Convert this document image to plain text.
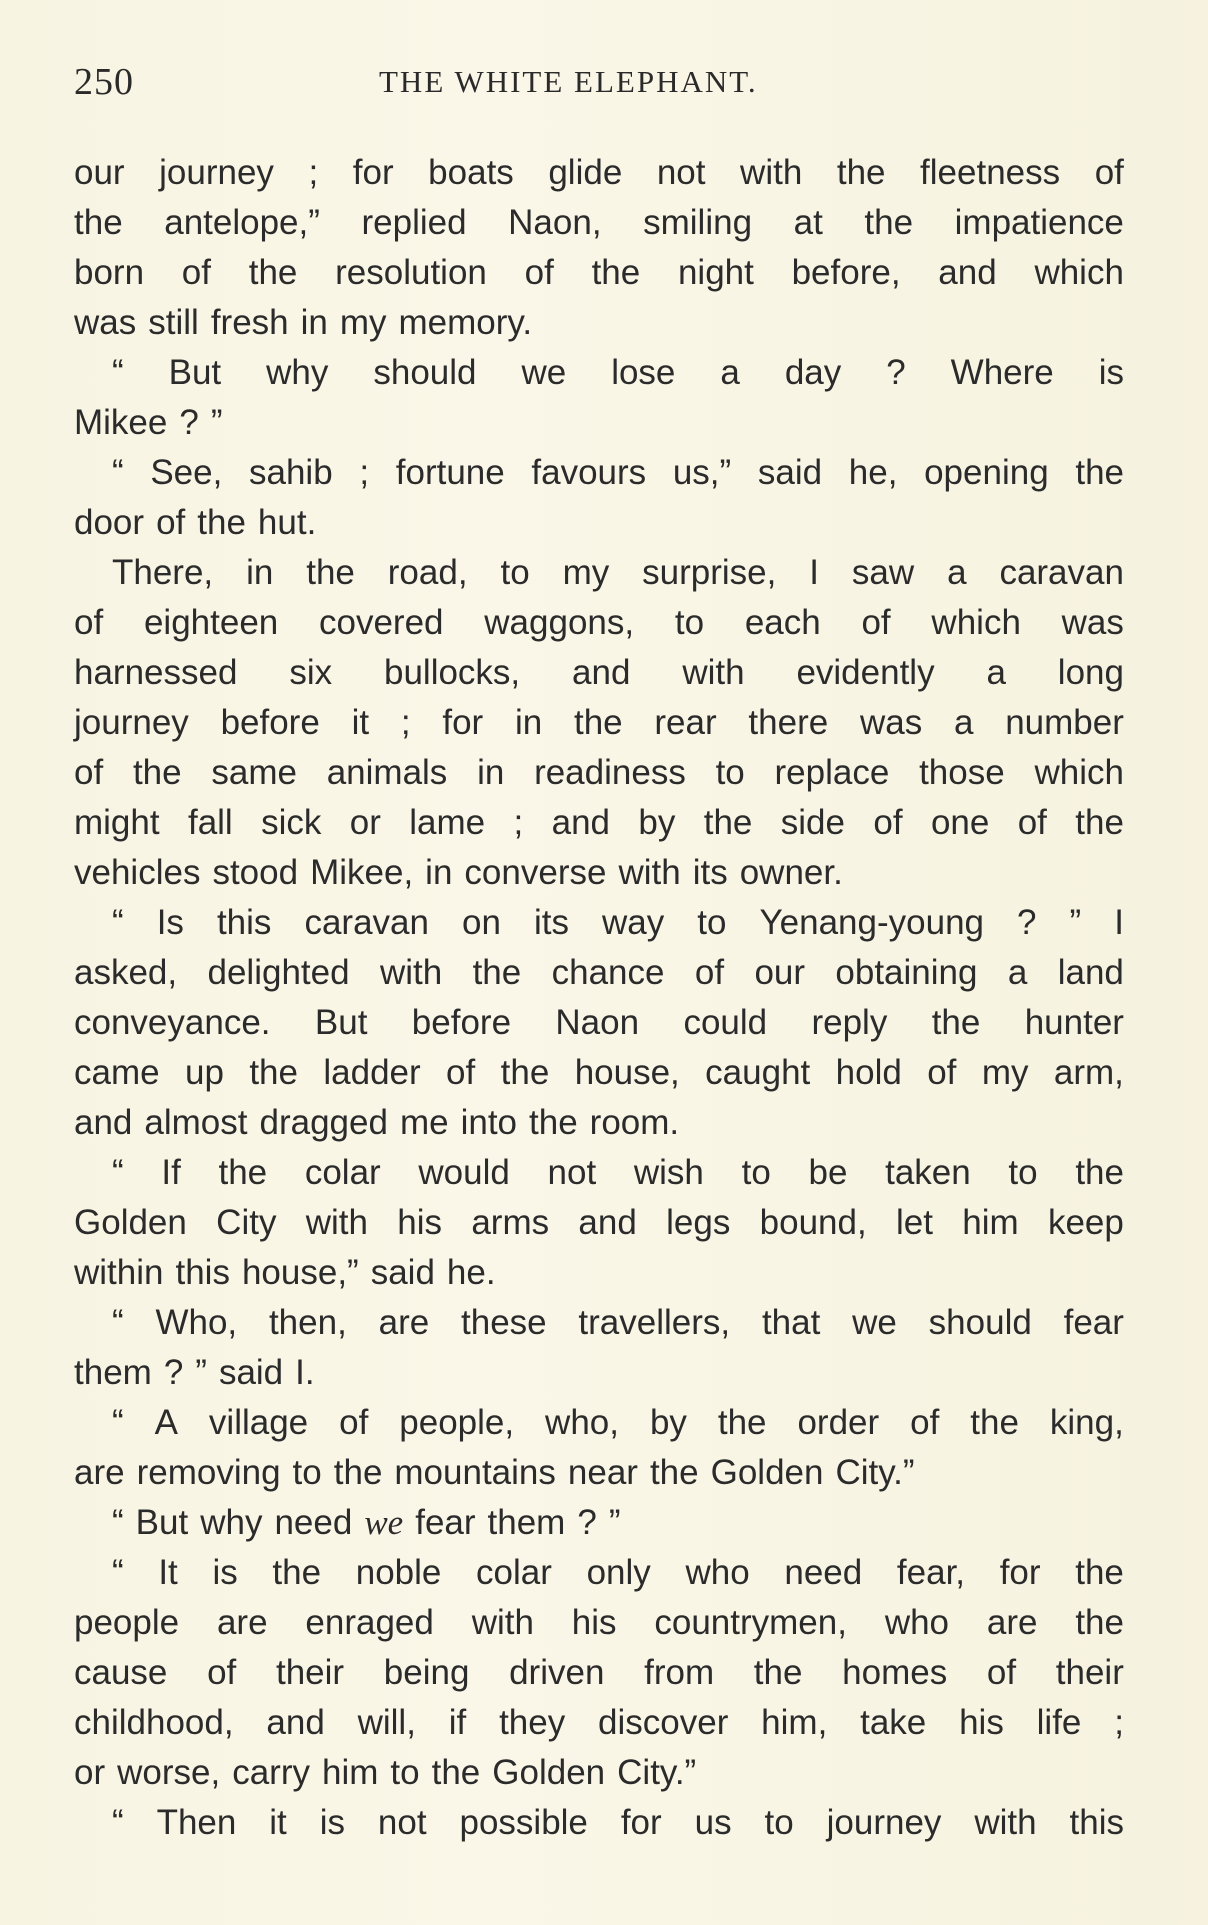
250	THE WHITE ELEPHANT.
our journey ; for boats glide not with the fleetness of
the antelope,” replied Naon, smiling at the impatience
born of the resolution of the night before, and which
was still fresh in my memory.
“ But why should we lose a day ? Where is
Mikee ? ”
“ See, sahib ; fortune favours us,” said he, opening the
door of the hut.
There, in the road, to my surprise, I saw a caravan
of eighteen covered waggons, to each of which was
harnessed six bullocks, and with evidently a long
journey before it ; for in the rear there was a number
of the same animals in readiness to replace those which
might fall sick or lame ; and by the side of one of the
vehicles stood Mikee, in converse with its owner.
“ Is this caravan on its way to Yenang-young ? ” I
asked, delighted with the chance of our obtaining a land
conveyance. But before Naon could reply the hunter
came up the ladder of the house, caught hold of my arm,
and almost dragged me into the room.
“ If the colar would not wish to be taken to the
Golden City with his arms and legs bound, let him keep
within this house,” said he.
“ Who, then, are these travellers, that we should fear
them ? ” said I.
“ A village of people, who, by the order of the king,
are removing to the mountains near the Golden City.”
“ But why need we fear them ? ”
“ It is the noble colar only who need fear, for the
people are enraged with his countrymen, who are the
cause of their being driven from the homes of their
childhood, and will, if they discover him, take his life ;
or worse, carry him to the Golden City.”
“ Then it is not possible for us to journey with this
